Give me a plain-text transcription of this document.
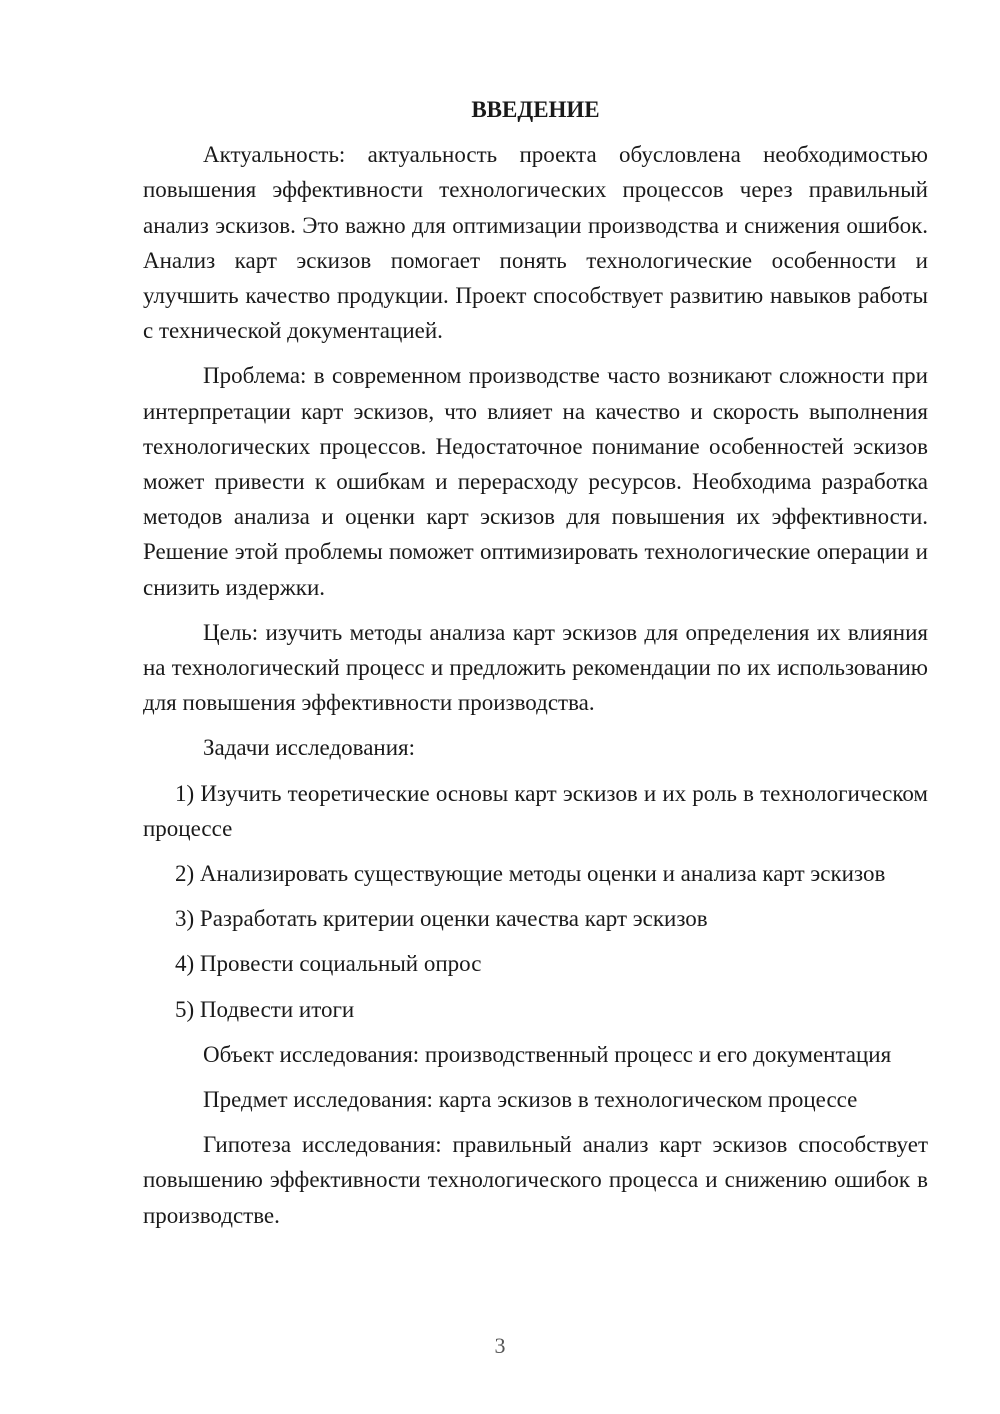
ВВЕДЕНИЕ

Актуальность: актуальность проекта обусловлена необходимостью повышения эффективности технологических процессов через правильный анализ эскизов. Это важно для оптимизации производства и снижения ошибок. Анализ карт эскизов помогает понять технологические особенности и улучшить качество продукции. Проект способствует развитию навыков работы с технической документацией.

Проблема: в современном производстве часто возникают сложности при интерпретации карт эскизов, что влияет на качество и скорость выполнения технологических процессов. Недостаточное понимание особенностей эскизов может привести к ошибкам и перерасходу ресурсов. Необходима разработка методов анализа и оценки карт эскизов для повышения их эффективности. Решение этой проблемы поможет оптимизировать технологические операции и снизить издержки.

Цель: изучить методы анализа карт эскизов для определения их влияния на технологический процесс и предложить рекомендации по их использованию для повышения эффективности производства.

Задачи исследования:

1) Изучить теоретические основы карт эскизов и их роль в технологическом процессе

2) Анализировать существующие методы оценки и анализа карт эскизов

3) Разработать критерии оценки качества карт эскизов

4) Провести социальный опрос

5) Подвести итоги

Объект исследования: производственный процесс и его документация

Предмет исследования: карта эскизов в технологическом процессе

Гипотеза исследования: правильный анализ карт эскизов способствует повышению эффективности технологического процесса и снижению ошибок в производстве.

3
